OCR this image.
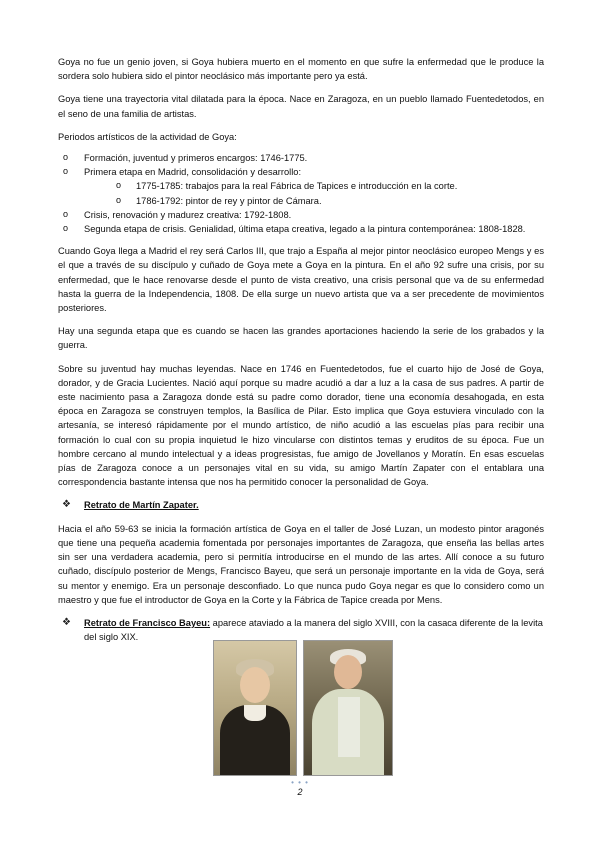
Goya no fue un genio joven, si Goya hubiera muerto en el momento en que sufre la enfermedad que le produce la sordera solo hubiera sido el pintor neoclásico más importante pero ya está.

Goya tiene una trayectoria vital dilatada para la época. Nace en Zaragoza, en un pueblo llamado Fuentedetodos, en el seno de una familia de artistas.

Periodos artísticos de la actividad de Goya:

o Formación, juventud y primeros encargos: 1746-1775.
o Primera etapa en Madrid, consolidación y desarrollo:
o 1775-1785: trabajos para la real Fábrica de Tapices e introducción en la corte.
o 1786-1792: pintor de rey y pintor de Cámara.
o Crisis, renovación y madurez creativa: 1792-1808.
o Segunda etapa de crisis. Genialidad, última etapa creativa, legado a la pintura contemporánea: 1808-1828.

Cuando Goya llega a Madrid el rey será Carlos III, que trajo a España al mejor pintor neoclásico europeo Mengs y es el que a través de su discípulo y cuñado de Goya mete a Goya en la pintura. En el año 92 sufre una crisis, por su enfermedad, que le hace renovarse desde el punto de vista creativo, una crisis personal que va de su enfermedad hasta la guerra de la Independencia, 1808. De ella surge un nuevo artista que va a ser precedente de movimientos posteriores.

Hay una segunda etapa que es cuando se hacen las grandes aportaciones haciendo la serie de los grabados y la guerra.

Sobre su juventud hay muchas leyendas. Nace en 1746 en Fuentedetodos, fue el cuarto hijo de José de Goya, dorador, y de Gracia Lucientes. Nació aquí porque su madre acudió a dar a luz a la casa de sus padres. A partir de este nacimiento pasa a Zaragoza donde está su padre como dorador, tiene una economía desahogada, en esta época en Zaragoza se construyen templos, la Basílica de Pilar. Esto implica que Goya estuviera vinculado con la artesanía, se interesó rápidamente por el mundo artístico, de niño acudió a las escuelas pías para recibir una formación lo cual con su propia inquietud le hizo vincularse con distintos temas y eruditos de su época. Fue un hombre cercano al mundo intelectual y a ideas progresistas, fue amigo de Jovellanos y Moratín. En esas escuelas pías de Zaragoza conoce a un personajes vital en su vida, su amigo Martín Zapater con el entablara una correspondencia bastante intensa que nos ha permitido conocer la personalidad de Goya.

❖ Retrato de Martín Zapater.

Hacia el año 59-63 se inicia la formación artística de Goya en el taller de José Luzan, un modesto pintor aragonés que tiene una pequeña academia fomentada por personajes importantes de Zaragoza, que enseña las bellas artes sin ser una verdadera academia, pero si permitía introducirse en el mundo de las artes. Allí conoce a su futuro cuñado, discípulo posterior de Mengs, Francisco Bayeu, que será un personaje importante en la vida de Goya, será su mentor y enemigo. Era un personaje desconfiado. Lo que nunca pudo Goya negar es que lo considero como un maestro y que fue el introductor de Goya en la Corte y la Fábrica de Tapice creada por Mens.

❖ Retrato de Francisco Bayeu: aparece ataviado a la manera del siglo XVIII, con la casaca diferente de la levita del siglo XIX.
• • •
2
